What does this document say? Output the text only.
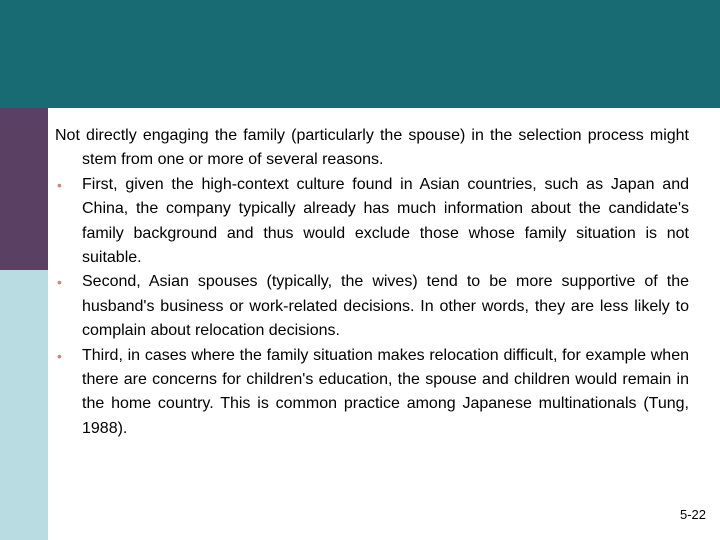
Not directly engaging the family (particularly the spouse) in the selection process might stem from one or more of several reasons.

• First, given the high-context culture found in Asian countries, such as Japan and China, the company typically already has much information about the candidate's family background and thus would exclude those whose family situation is not suitable.
• Second, Asian spouses (typically, the wives) tend to be more supportive of the husband's business or work-related decisions. In other words, they are less likely to complain about relocation decisions.
• Third, in cases where the family situation makes relocation difficult, for example when there are concerns for children's education, the spouse and children would remain in the home country. This is common practice among Japanese multinationals (Tung, 1988).
5-22
